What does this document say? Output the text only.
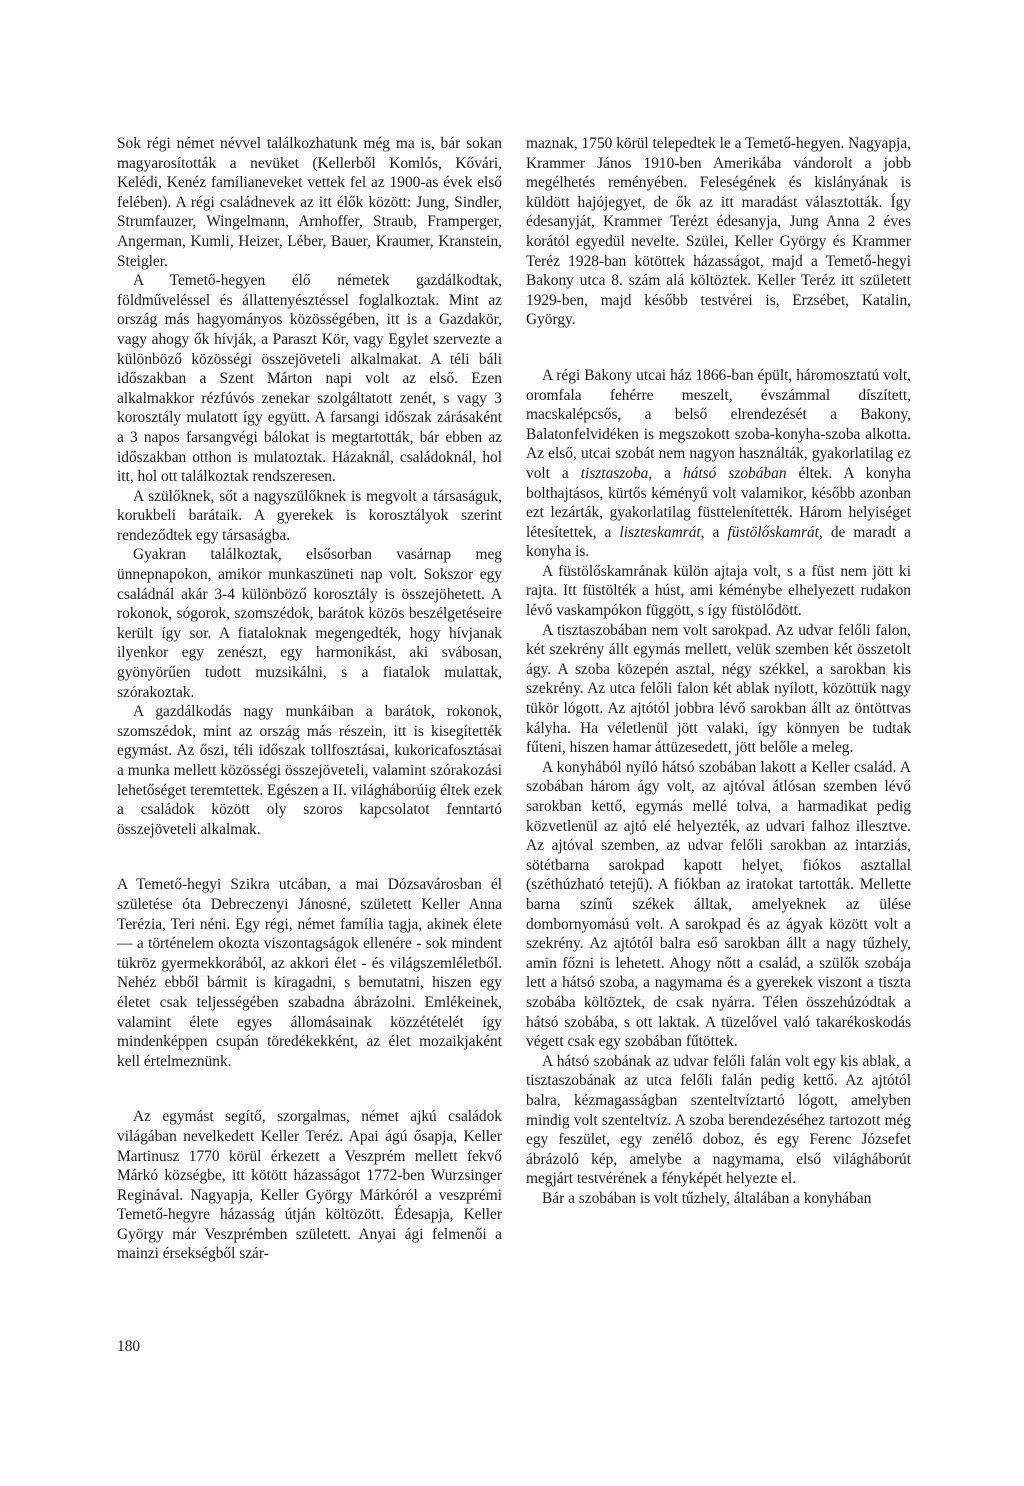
Sok régi német névvel találkozhatunk még ma is, bár sokan magyarosították a nevüket (Kellerből Komlós, Kővári, Kelédi, Kenéz famílianeveket vettek fel az 1900-as évek első felében). A régi családnevek az itt élők között: Jung, Sindler, Strumfauzer, Wingelmann, Arnhoffer, Straub, Framperger, Angerman, Kumli, Heizer, Léber, Bauer, Kraumer, Kranstein, Steigler.

A Temető-hegyen élő németek gazdálkodtak, földműveléssel és állattenyésztéssel foglalkoztak. Mint az ország más hagyományos közösségében, itt is a Gazdakör, vagy ahogy ők hívják, a Paraszt Kör, vagy Egylet szervezte a különböző közösségi összejöveteli alkalmakat. A téli báli időszakban a Szent Márton napi volt az első. Ezen alkalmakkor rézfúvós zenekar szolgáltatott zenét, s vagy 3 korosztály mulatott így együtt. A farsangi időszak zárásaként a 3 napos farsangvégi bálokat is megtartották, bár ebben az időszakban otthon is mulatoztak. Házaknál, családoknál, hol itt, hol ott találkoztak rendszeresen.

A szülőknek, sőt a nagyszülőknek is megvolt a társaságuk, korukbeli barátaik. A gyerekek is korosztályok szerint rendeződtek egy társaságba.

Gyakran találkoztak, elsősorban vasárnap meg ünnepnapokon, amikor munkaszüneti nap volt. Sokszor egy családnál akár 3-4 különböző korosztály is összejöhetett. A rokonok, sógorok, szomszédok, barátok közös beszélgetéseire került így sor. A fiataloknak megengedték, hogy hívjanak ilyenkor egy zenészt, egy harmonikást, aki svábosan, gyönyörűen tudott muzsikálni, s a fiatalok mulattak, szórakoztak.

A gazdálkodás nagy munkáiban a barátok, rokonok, szomszédok, mint az ország más részein, itt is kisegítették egymást. Az őszi, téli időszak tollfosztásai, kukoricafosztásai a munka mellett közösségi összejöveteli, valamint szórakozási lehetőséget teremtettek. Egészen a II. világháborúig éltek ezek a családok között oly szoros kapcsolatot fenntartó összejöveteli alkalmak.

A Temető-hegyi Szikra utcában, a mai Dózsavárosban él születése óta Debreczenyi Jánosné, született Keller Anna Terézia, Teri néni. Egy régi, német família tagja, akinek élete — a történelem okozta viszontagságok ellenére - sok mindent tükröz gyermekkorából, az akkori élet - és világszemléletből. Nehéz ebből bármit is kiragadni, s bemutatni, hiszen egy életet csak teljességében szabadna ábrázolni. Emlékeinek, valamint élete egyes állomásainak közzétételét így mindenképpen csupán töredékekként, az élet mozaikjaként kell értelmeznünk.

Az egymást segítő, szorgalmas, német ajkú családok világában nevelkedett Keller Teréz. Apai ágú ősapja, Keller Martinusz 1770 körül érkezett a Veszprém mellett fekvő Márkó községbe, itt kötött házasságot 1772-ben Wurzsinger Reginával. Nagyapja, Keller György Márkóról a veszprémi Temető-hegyre házasság útján költözött. Édesapja, Keller György már Veszprémben született. Anyai ági felmenői a mainzi érsekségből szár-

maznak, 1750 körül telepedtek le a Temető-hegyen. Nagyapja, Krammer János 1910-ben Amerikába vándorolt a jobb megélhetés reményében. Feleségének és kislányának is küldött hajójegyet, de ők az itt maradást választották. Így édesanyját, Krammer Terézt édesanyja, Jung Anna 2 éves korától egyedül nevelte. Szülei, Keller György és Krammer Teréz 1928-ban kötöttek házasságot, majd a Temető-hegyi Bakony utca 8. szám alá költöztek. Keller Teréz itt született 1929-ben, majd később testvérei is, Erzsébet, Katalin, György.

A régi Bakony utcai ház 1866-ban épült, háromosztatú volt, oromfala fehérre meszelt, évszámmal díszített, macskalépcsős, a belső elrendezését a Bakony, Balatonfelvidéken is megszokott szoba-konyha-szoba alkotta. Az első, utcai szobát nem nagyon használták, gyakorlatilag ez volt a tisztaszoba, a hátsó szobában éltek. A konyha bolthajtásos, kürtős kéményű volt valamikor, később azonban ezt lezárták, gyakorlatilag füsttelenítették. Három helyiséget létesítettek, a liszteskamrát, a füstölőskamrát, de maradt a konyha is.

A füstölőskamrának külön ajtaja volt, s a füst nem jött ki rajta. Itt füstölték a húst, ami kéménybe elhelyezett rudakon lévő vaskampókon függött, s így füstölődött.

A tisztaszobában nem volt sarokpad. Az udvar felőli falon, két szekrény állt egymás mellett, velük szemben két összetolt ágy. A szoba közepén asztal, négy székkel, a sarokban kis szekrény. Az utca felőli falon két ablak nyílott, közöttük nagy tükör lógott. Az ajtótól jobbra lévő sarokban állt az öntöttvas kályha. Ha véletlenül jött valaki, így könnyen be tudtak fűteni, hiszen hamar áttüzesedett, jött belőle a meleg.

A konyhából nyíló hátsó szobában lakott a Keller család. A szobában három ágy volt, az ajtóval átlósan szemben lévő sarokban kettő, egymás mellé tolva, a harmadikat pedig közvetlenül az ajtó elé helyezték, az udvari falhoz illesztve. Az ajtóval szemben, az udvar felőli sarokban az intarziás, sötétbarna sarokpad kapott helyet, fiókos asztallal (széthúzható tetejű). A fiókban az iratokat tartották. Mellette barna színű székek álltak, amelyeknek az ülése dombornyomású volt. A sarokpad és az ágyak között volt a szekrény. Az ajtótól balra eső sarokban állt a nagy tűzhely, amin főzni is lehetett. Ahogy nőtt a család, a szülők szobája lett a hátsó szoba, a nagymama és a gyerekek viszont a tiszta szobába költöztek, de csak nyárra. Télen összehúzódtak a hátsó szobába, s ott laktak. A tüzelővel való takarékoskodás végett csak egy szobában fűtöttek.

A hátsó szobának az udvar felőli falán volt egy kis ablak, a tisztaszobának az utca felőli falán pedig kettő. Az ajtótól balra, kézmagasságban szenteltvíztartó lógott, amelyben mindig volt szenteltvíz. A szoba berendezéséhez tartozott még egy feszület, egy zenélő doboz, és egy Ferenc Józsefet ábrázoló kép, amelybe a nagymama, első világháborút megjárt testvérének a fényképét helyezte el.

Bár a szobában is volt tűzhely, általában a konyhában

180
